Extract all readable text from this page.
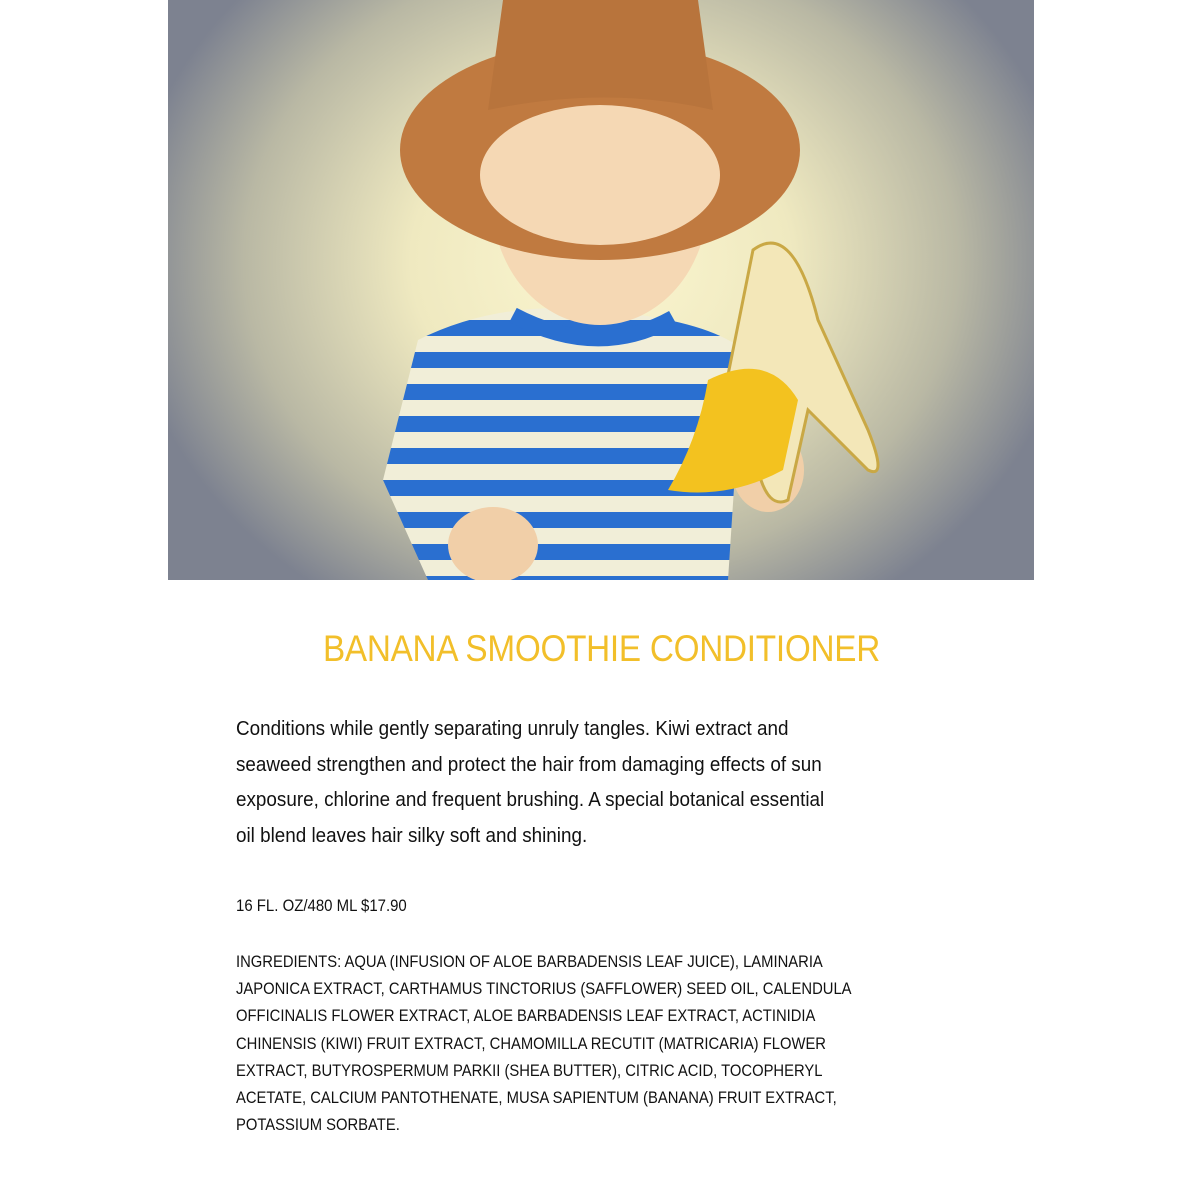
BANANA SMOOTHIE CONDITIONER
Conditions while gently separating unruly tangles. Kiwi extract and
seaweed strengthen and protect the hair from damaging effects of sun
exposure, chlorine and frequent brushing. A special botanical essential
oil blend leaves hair silky soft and shining.
16 FL. OZ/480 ML $17.90
INGREDIENTS: AQUA (INFUSION OF ALOE BARBADENSIS LEAF JUICE), LAMINARIA
JAPONICA EXTRACT, CARTHAMUS TINCTORIUS (SAFFLOWER) SEED OIL, CALENDULA
OFFICINALIS FLOWER EXTRACT, ALOE BARBADENSIS LEAF EXTRACT, ACTINIDIA
CHINENSIS (KIWI) FRUIT EXTRACT, CHAMOMILLA RECUTIT (MATRICARIA) FLOWER
EXTRACT, BUTYROSPERMUM PARKII (SHEA BUTTER), CITRIC ACID, TOCOPHERYL
ACETATE, CALCIUM PANTOTHENATE, MUSA SAPIENTUM (BANANA) FRUIT EXTRACT,
POTASSIUM SORBATE.
